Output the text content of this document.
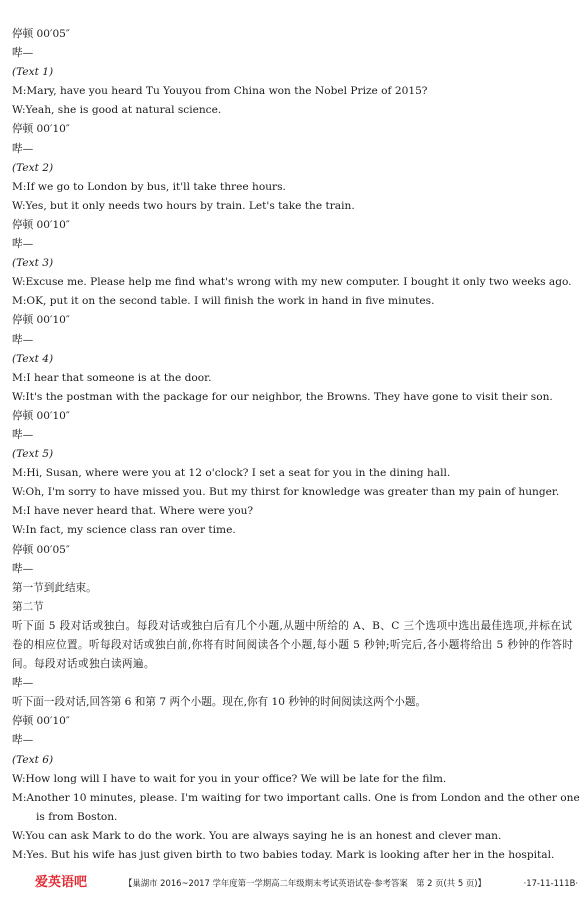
停顿 00′05″
哔—
(Text 1)
M:Mary, have you heard Tu Youyou from China won the Nobel Prize of 2015?
W:Yeah, she is good at natural science.
停顿 00′10″
哔—
(Text 2)
M:If we go to London by bus, it'll take three hours.
W:Yes, but it only needs two hours by train. Let's take the train.
停顿 00′10″
哔—
(Text 3)
W:Excuse me. Please help me find what's wrong with my new computer. I bought it only two weeks ago.
M:OK, put it on the second table. I will finish the work in hand in five minutes.
停顿 00′10″
哔—
(Text 4)
M:I hear that someone is at the door.
W:It's the postman with the package for our neighbor, the Browns. They have gone to visit their son.
停顿 00′10″
哔—
(Text 5)
M:Hi, Susan, where were you at 12 o'clock? I set a seat for you in the dining hall.
W:Oh, I'm sorry to have missed you. But my thirst for knowledge was greater than my pain of hunger.
M:I have never heard that. Where were you?
W:In fact, my science class ran over time.
停顿 00′05″
哔—
第一节到此结束。
第二节
听下面 5 段对话或独白。每段对话或独白后有几个小题,从题中所给的 A、B、C 三个选项中选出最佳选项,并标在试卷的相应位置。听每段对话或独白前,你将有时间阅读各个小题,每小题 5 秒钟;听完后,各小题将给出 5 秒钟的作答时间。每段对话或独白读两遍。
哔—
听下面一段对话,回答第 6 和第 7 两个小题。现在,你有 10 秒钟的时间阅读这两个小题。
停顿 00′10″
哔—
(Text 6)
W:How long will I have to wait for you in your office? We will be late for the film.
M:Another 10 minutes, please. I'm waiting for two important calls. One is from London and the other one is from Boston.
W:You can ask Mark to do the work. You are always saying he is an honest and clever man.
M:Yes. But his wife has just given birth to two babies today. Mark is looking after her in the hospital.
爱英语吧	【巢湖市 2016~2017 学年度第一学期高二年级期末考试英语试卷·参考答案　第 2 页(共 5 页)】	·17-11-111B·
